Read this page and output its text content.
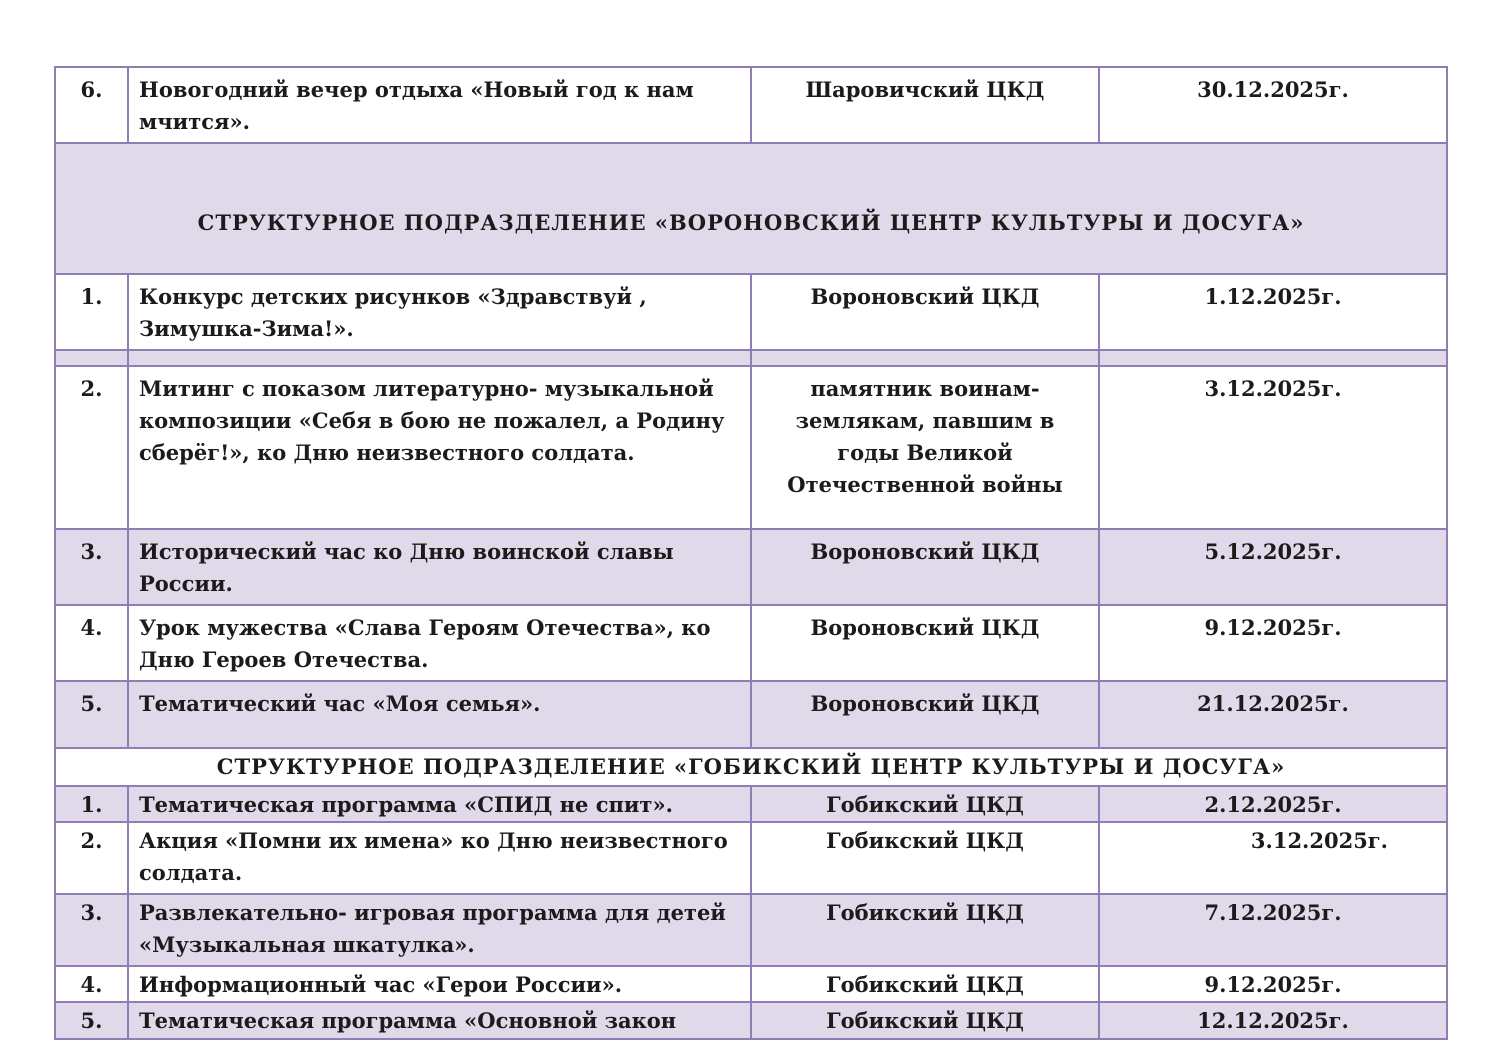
6.	Новогодний вечер отдыха «Новый год к нам мчится».	Шаровичский ЦКД	30.12.2025г.
СТРУКТУРНОЕ ПОДРАЗДЕЛЕНИЕ «ВОРОНОВСКИЙ ЦЕНТР КУЛЬТУРЫ И ДОСУГА»			
1.	Конкурс детских рисунков «Здравствуй , Зимушка-Зима!».	Вороновский ЦКД	1.12.2025г.

2.	Митинг с показом литературно- музыкальной композиции «Себя в бою не пожалел, а Родину сберёг!», ко Дню неизвестного солдата.	памятник воинам-землякам, павшим в годы Великой Отечественной войны	3.12.2025г.
3.	Исторический час ко Дню воинской славы России.	Вороновский ЦКД	5.12.2025г.
4.	Урок мужества «Слава Героям Отечества», ко Дню Героев Отечества.	Вороновский ЦКД	9.12.2025г.
5.	Тематический час «Моя семья».	Вороновский ЦКД	21.12.2025г.
СТРУКТУРНОЕ ПОДРАЗДЕЛЕНИЕ «ГОБИКСКИЙ ЦЕНТР КУЛЬТУРЫ И ДОСУГА»			
1.	Тематическая программа «СПИД не спит».	Гобикский ЦКД	2.12.2025г.
2.	Акция «Помни их имена» ко Дню неизвестного солдата.	Гобикский ЦКД	3.12.2025г.
3.	Развлекательно- игровая программа для детей «Музыкальная шкатулка».	Гобикский ЦКД	7.12.2025г.
4.	Информационный час «Герои России».	Гобикский ЦКД	9.12.2025г.
5.	Тематическая программа «Основной закон	Гобикский ЦКД	12.12.2025г.
